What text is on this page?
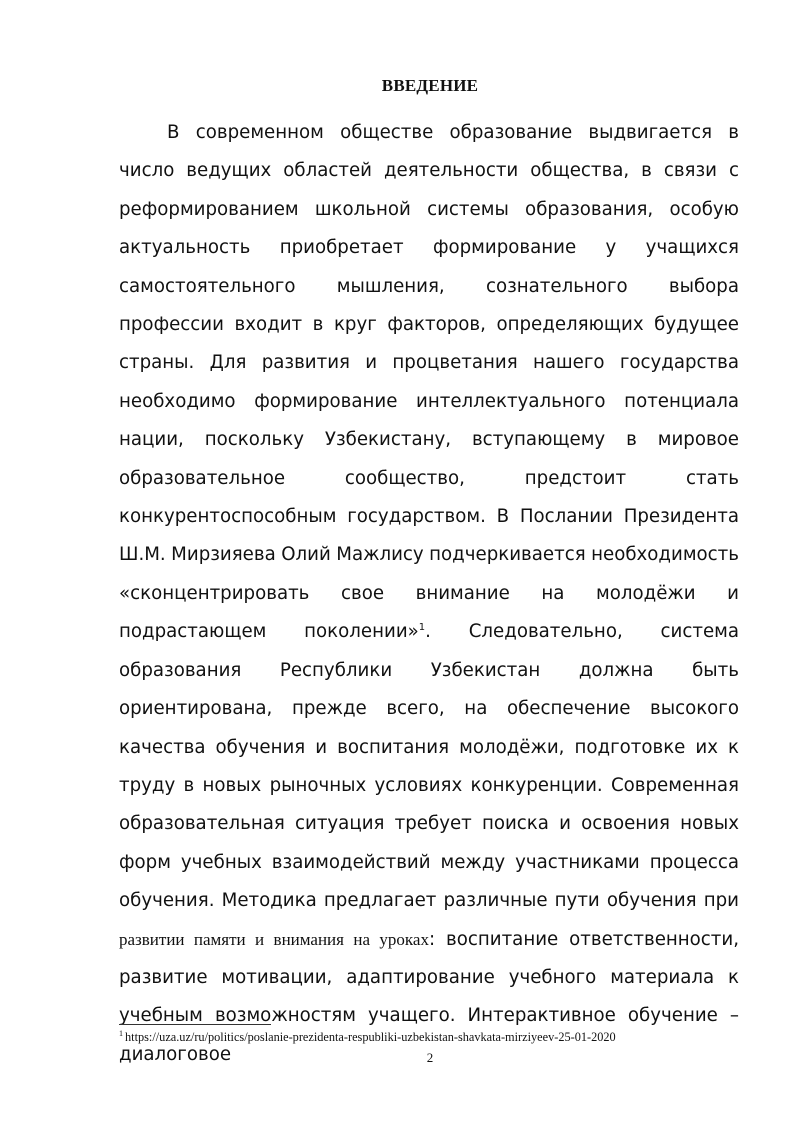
ВВЕДЕНИЕ
В современном обществе образование выдвигается в число ведущих областей деятельности общества, в связи с реформированием школьной системы образования, особую актуальность приобретает формирование у учащихся самостоятельного мышления, сознательного выбора профессии входит в круг факторов, определяющих будущее страны. Для развития и процветания нашего государства необходимо формирование интеллектуального потенциала нации, поскольку Узбекистану, вступающему в мировое образовательное сообщество, предстоит стать конкурентоспособным государством. В Послании Президента Ш.М. Мирзияева Олий Мажлису подчеркивается необходимость «сконцентрировать свое внимание на молодёжи и подрастающем поколении»$^1$. Следовательно, система образования Республики Узбекистан должна быть ориентирована, прежде всего, на обеспечение высокого качества обучения и воспитания молодёжи, подготовке их к труду в новых рыночных условиях конкуренции. Современная образовательная ситуация требует поиска и освоения новых форм учебных взаимодействий между участниками процесса обучения. Методика предлагает различные пути обучения при развитии памяти и внимания на уроках: воспитание ответственности, развитие мотивации, адаптирование учебного материала к учебным возможностям учащего. Интерактивное обучение – диалоговое
$^1$ https://uza.uz/ru/politics/poslanie-prezidenta-respubliki-uzbekistan-shavkata-mirziyeev-25-01-2020
2
